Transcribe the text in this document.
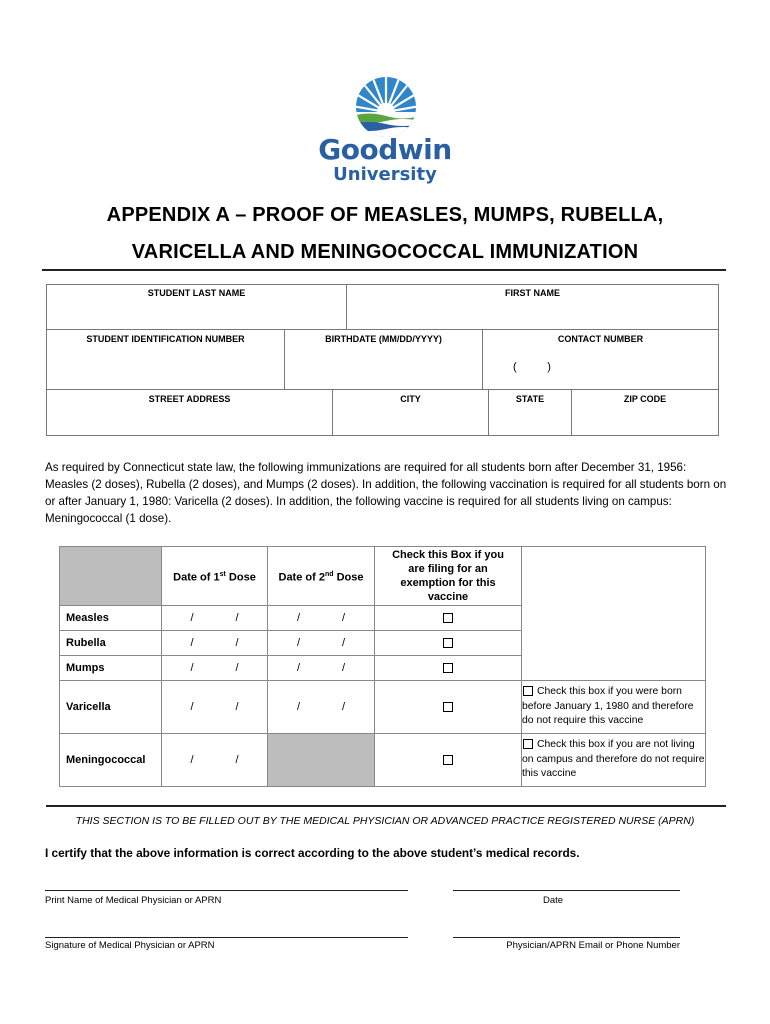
Goodwin
University
APPENDIX A – PROOF OF MEASLES, MUMPS, RUBELLA,
VARICELLA AND MENINGOCOCCAL IMMUNIZATION
STUDENT LAST NAME	FIRST NAME
STUDENT IDENTIFICATION NUMBER	BIRTHDATE (MM/DD/YYYY)	CONTACT NUMBER
(          )
STREET ADDRESS	CITY	STATE	ZIP CODE
As required by Connecticut state law, the following immunizations are required for all students born after December 31, 1956: Measles (2 doses), Rubella (2 doses), and Mumps (2 doses). In addition, the following vaccination is required for all students born on or after January 1, 1980: Varicella (2 doses). In addition, the following vaccine is required for all students living on campus: Meningococcal (1 dose).
	Date of 1st Dose	Date of 2nd Dose	Check this Box if you are filing for an exemption for this vaccine	
Measles	/ /	/ /		
Rubella	/ /	/ /		
Mumps	/ /	/ /		
Varicella	/ /	/ /		Check this box if you were born before January 1, 1980 and therefore do not require this vaccine
Meningococcal	/ /			Check this box if you are not living on campus and therefore do not require this vaccine
THIS SECTION IS TO BE FILLED OUT BY THE MEDICAL PHYSICIAN OR ADVANCED PRACTICE REGISTERED NURSE (APRN)
I certify that the above information is correct according to the above student’s medical records.
Print Name of Medical Physician or APRN	Date
Signature of Medical Physician or APRN	Physician/APRN Email or Phone Number
